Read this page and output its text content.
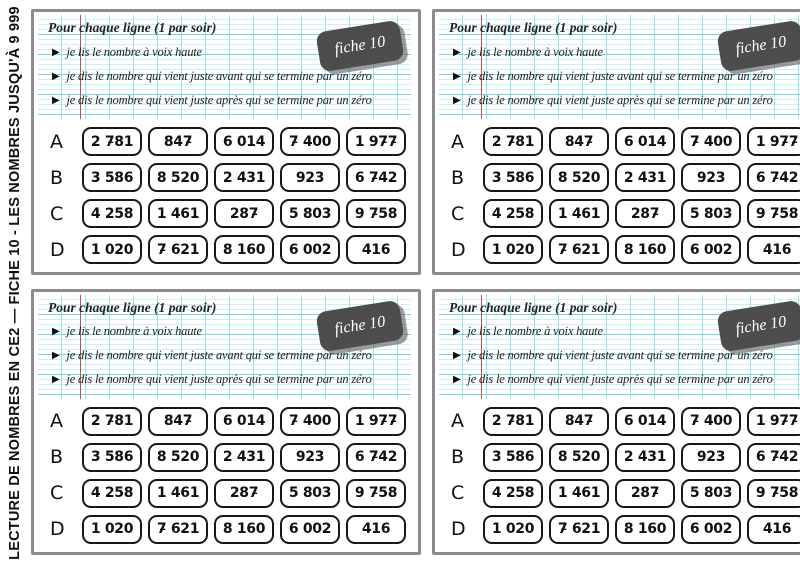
LECTURE DE NOMBRES EN CE2 — FICHE 10 - LES NOMBRES JUSQU'À 9 999	Pour chaque ligne (1 par soir)
▶ je lis le nombre à voix haute
▶ je dis le nombre qui vient juste avant qui se termine par un zéro
▶ je dis le nombre qui vient juste après qui se termine par un zéro
fiche 10
A	2 7̵81	847̵	6 014	7̵ 400	1 97̵7̵
B	3 586	8 520	2 431	923	6 7̵42
C	4 258	1 461	287̵	5 803	9 7̵58
D	1 020	7̵ 621	8 160	6 002	416
Pour chaque ligne (1 par soir)
▶ je lis le nombre à voix haute
▶ je dis le nombre qui vient juste avant qui se termine par un zéro
▶ je dis le nombre qui vient juste après qui se termine par un zéro
fiche 10
A	2 7̵81	847̵	6 014	7̵ 400	1 97̵7̵
B	3 586	8 520	2 431	923	6 7̵42
C	4 258	1 461	287̵	5 803	9 7̵58
D	1 020	7̵ 621	8 160	6 002	416
Pour chaque ligne (1 par soir)
▶ je lis le nombre à voix haute
▶ je dis le nombre qui vient juste avant qui se termine par un zéro
▶ je dis le nombre qui vient juste après qui se termine par un zéro
fiche 10
A	2 7̵81	847̵	6 014	7̵ 400	1 97̵7̵
B	3 586	8 520	2 431	923	6 7̵42
C	4 258	1 461	287̵	5 803	9 7̵58
D	1 020	7̵ 621	8 160	6 002	416
Pour chaque ligne (1 par soir)
▶ je lis le nombre à voix haute
▶ je dis le nombre qui vient juste avant qui se termine par un zéro
▶ je dis le nombre qui vient juste après qui se termine par un zéro
fiche 10
A	2 7̵81	847̵	6 014	7̵ 400	1 97̵7̵
B	3 586	8 520	2 431	923	6 7̵42
C	4 258	1 461	287̵	5 803	9 7̵58
D	1 020	7̵ 621	8 160	6 002	416
